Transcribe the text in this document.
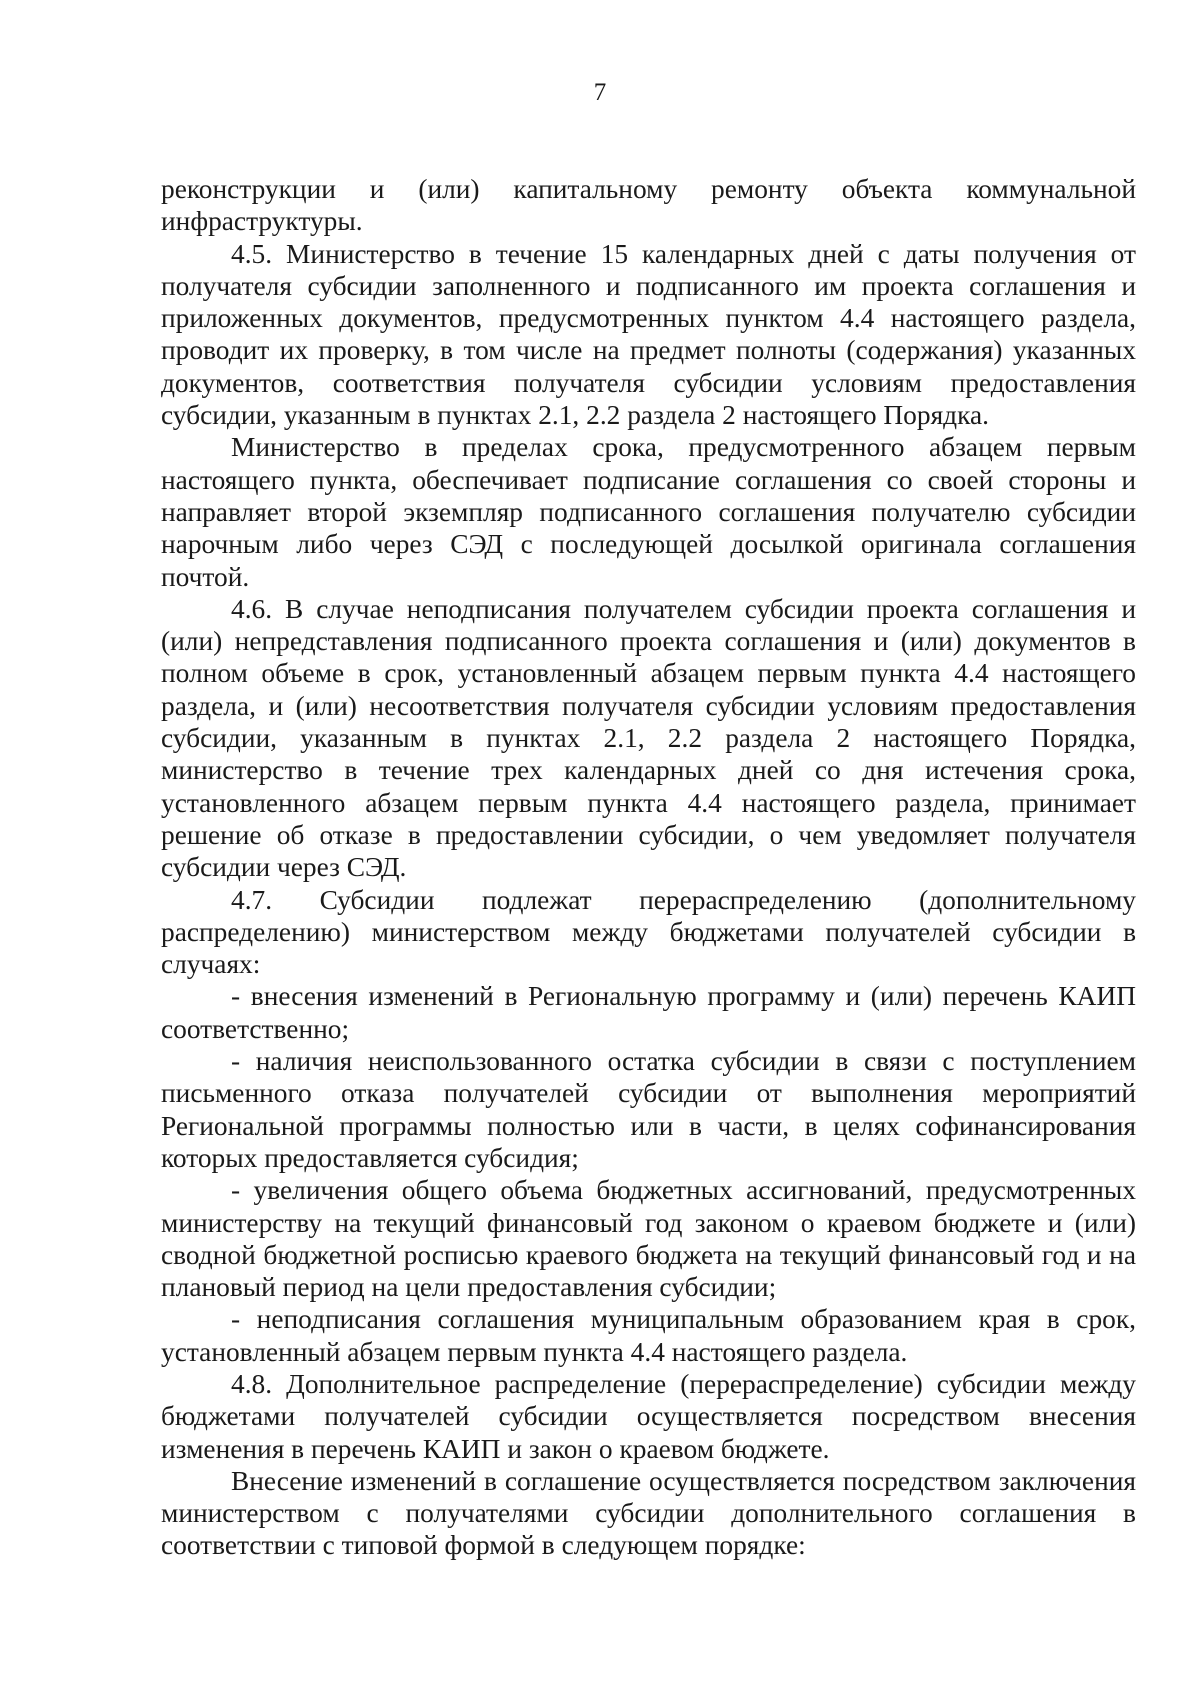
7

реконструкции и (или) капитальному ремонту объекта коммунальной инфраструктуры.

4.5. Министерство в течение 15 календарных дней с даты получения от получателя субсидии заполненного и подписанного им проекта соглашения и приложенных документов, предусмотренных пунктом 4.4 настоящего раздела, проводит их проверку, в том числе на предмет полноты (содержания) указанных документов, соответствия получателя субсидии условиям предоставления субсидии, указанным в пунктах 2.1, 2.2 раздела 2 настоящего Порядка.

Министерство в пределах срока, предусмотренного абзацем первым настоящего пункта, обеспечивает подписание соглашения со своей стороны и направляет второй экземпляр подписанного соглашения получателю субсидии нарочным либо через СЭД с последующей досылкой оригинала соглашения почтой.

4.6. В случае неподписания получателем субсидии проекта соглашения и (или) непредставления подписанного проекта соглашения и (или) документов в полном объеме в срок, установленный абзацем первым пункта 4.4 настоящего раздела, и (или) несоответствия получателя субсидии условиям предоставления субсидии, указанным в пунктах 2.1, 2.2 раздела 2 настоящего Порядка, министерство в течение трех календарных дней со дня истечения срока, установленного абзацем первым пункта 4.4 настоящего раздела, принимает решение об отказе в предоставлении субсидии, о чем уведомляет получателя субсидии через СЭД.

4.7. Субсидии подлежат перераспределению (дополнительному распределению) министерством между бюджетами получателей субсидии в случаях:

- внесения изменений в Региональную программу и (или) перечень КАИП соответственно;

- наличия неиспользованного остатка субсидии в связи с поступлением письменного отказа получателей субсидии от выполнения мероприятий Региональной программы полностью или в части, в целях софинансирования которых предоставляется субсидия;

- увеличения общего объема бюджетных ассигнований, предусмотренных министерству на текущий финансовый год законом о краевом бюджете и (или) сводной бюджетной росписью краевого бюджета на текущий финансовый год и на плановый период на цели предоставления субсидии;

- неподписания соглашения муниципальным образованием края в срок, установленный абзацем первым пункта 4.4 настоящего раздела.

4.8. Дополнительное распределение (перераспределение) субсидии между бюджетами получателей субсидии осуществляется посредством внесения изменения в перечень КАИП и закон о краевом бюджете.

Внесение изменений в соглашение осуществляется посредством заключения министерством с получателями субсидии дополнительного соглашения в соответствии с типовой формой в следующем порядке:
